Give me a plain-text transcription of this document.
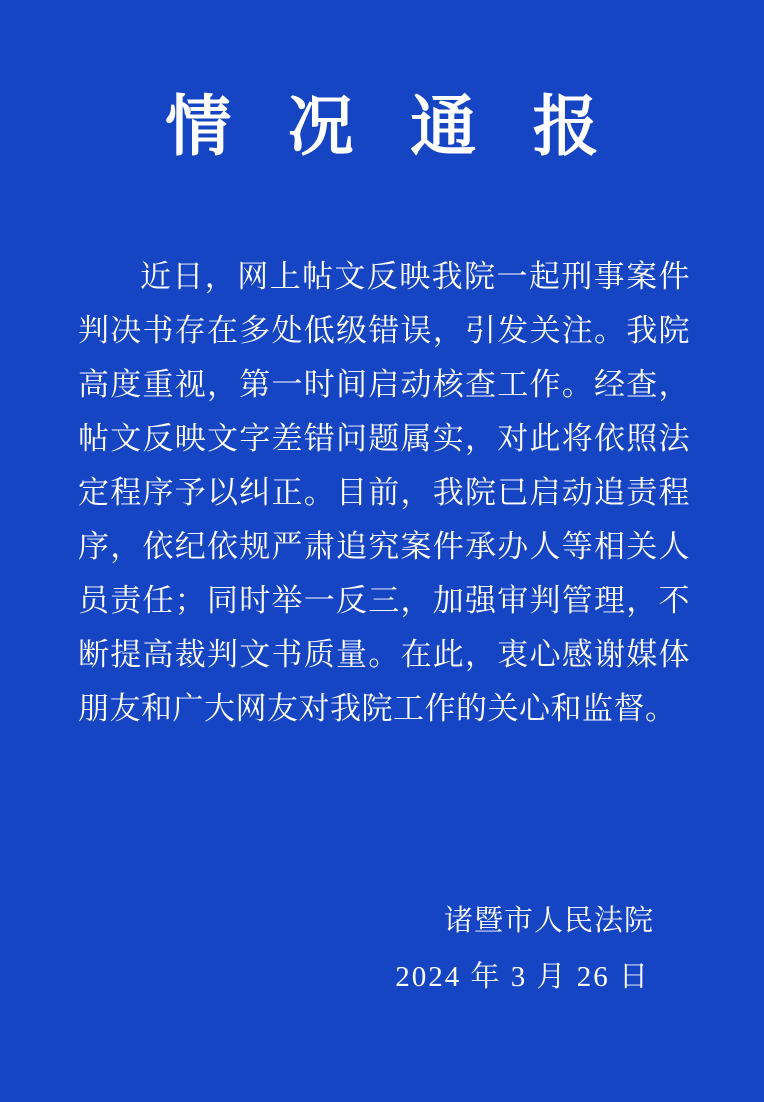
情 况 通 报
近日，网上帖文反映我院一起刑事案件判决书存在多处低级错误，引发关注。我院高度重视，第一时间启动核查工作。经查，帖文反映文字差错问题属实，对此将依照法定程序予以纠正。目前，我院已启动追责程序，依纪依规严肃追究案件承办人等相关人员责任；同时举一反三，加强审判管理，不断提高裁判文书质量。在此，衷心感谢媒体朋友和广大网友对我院工作的关心和监督。
诸暨市人民法院
2024 年 3 月 26 日
